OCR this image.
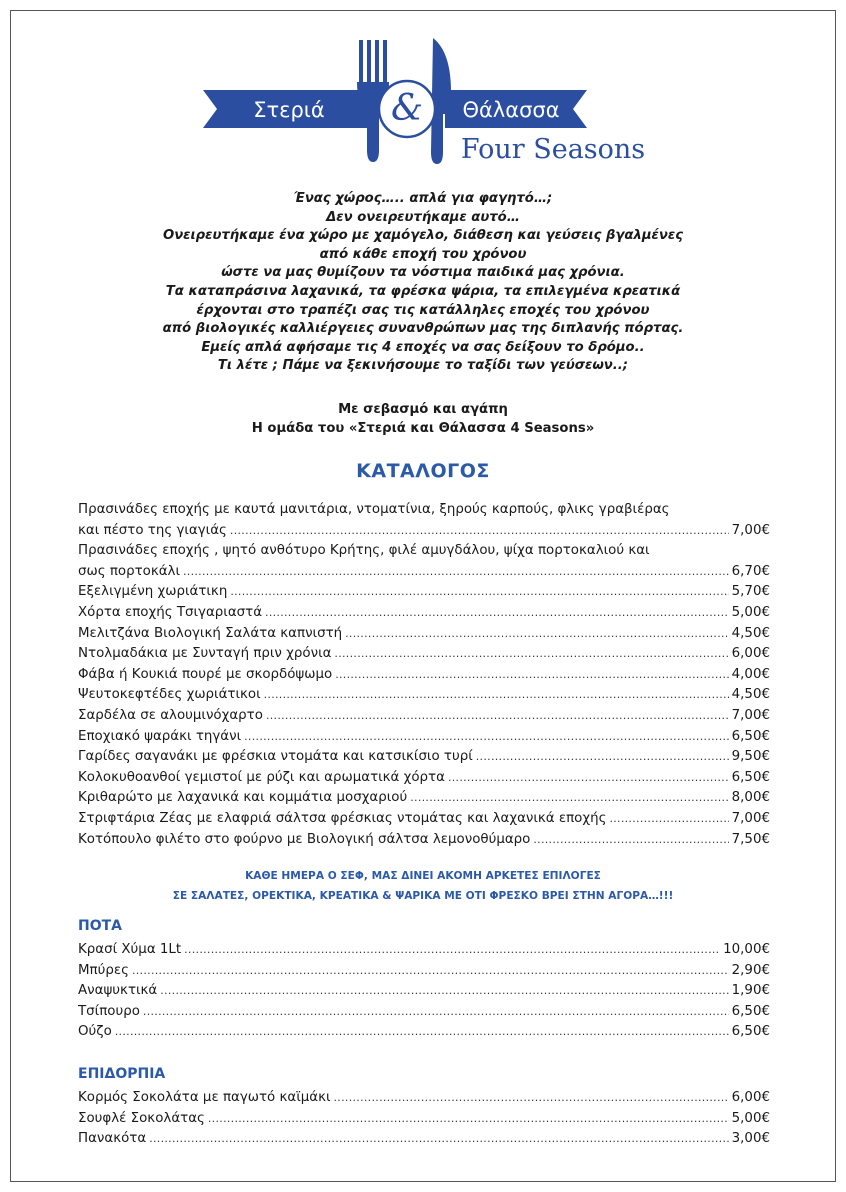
&
Στεριά	Θάλασσα
Four Seasons
Ένας χώρος….. απλά για φαγητό…;
Δεν ονειρευτήκαμε αυτό…
Ονειρευτήκαμε ένα χώρο με χαμόγελο, διάθεση και γεύσεις βγαλμένες
από κάθε εποχή του χρόνου
ώστε να μας θυμίζουν τα νόστιμα παιδικά μας χρόνια.
Τα καταπράσινα λαχανικά, τα φρέσκα ψάρια, τα επιλεγμένα κρεατικά
έρχονται στο τραπέζι σας τις κατάλληλες εποχές του χρόνου
από βιολογικές καλλιέργειες συνανθρώπων μας της διπλανής πόρτας.
Εμείς απλά αφήσαμε τις 4 εποχές να σας δείξουν το δρόμο..
Τι λέτε ; Πάμε να ξεκινήσουμε το ταξίδι των γεύσεων..;
Με σεβασμό και αγάπη
Η ομάδα του «Στεριά και Θάλασσα 4 Seasons»
ΚΑΤΑΛΟΓΟΣ
Πρασινάδες εποχής με καυτά μανιτάρια, ντοματίνια, ξηρούς καρπούς, φλικς γραβιέρας
και πέστο της γιαγιάς .....	7,00€
Πρασινάδες εποχής , ψητό ανθότυρο Κρήτης, φιλέ αμυγδάλου, ψίχα πορτοκαλιού και
σως πορτοκάλι .....	6,70€
Εξελιγμένη χωριάτικη .....	5,70€
Χόρτα εποχής Τσιγαριαστά .....	5,00€
Μελιτζάνα Βιολογική Σαλάτα καπνιστή .....	4,50€
Ντολμαδάκια με Συνταγή πριν χρόνια .....	6,00€
Φάβα ή Κουκιά πουρέ με σκορδόψωμο .....	4,00€
Ψευτοκεφτέδες χωριάτικοι .....	4,50€
Σαρδέλα σε αλουμινόχαρτο .....	7,00€
Εποχιακό ψαράκι τηγάνι .....	6,50€
Γαρίδες σαγανάκι με φρέσκια ντομάτα και κατσικίσιο τυρί .....	9,50€
Κολοκυθοανθοί γεμιστοί με ρύζι και αρωματικά χόρτα .....	6,50€
Κριθαρώτο με λαχανικά και κομμάτια μοσχαριού .....	8,00€
Στριφτάρια Ζέας με ελαφριά σάλτσα φρέσκιας ντομάτας και λαχανικά εποχής .....	7,00€
Κοτόπουλο φιλέτο στο φούρνο με Βιολογική σάλτσα λεμονοθύμαρο .....	7,50€
ΚΑΘΕ ΗΜΕΡΑ Ο ΣΕΦ, ΜΑΣ ΔΙΝΕΙ ΑΚΟΜΗ ΑΡΚΕΤΕΣ ΕΠΙΛΟΓΕΣ
ΣΕ ΣΑΛΑΤΕΣ, ΟΡΕΚΤΙΚΑ, ΚΡΕΑΤΙΚΑ & ΨΑΡΙΚΑ ΜΕ ΟΤΙ ΦΡΕΣΚΟ ΒΡΕΙ ΣΤΗΝ ΑΓΟΡΑ…!!!
ΠΟΤΑ
Κρασί Χύμα 1Lt .....	10,00€
Μπύρες .....	2,90€
Αναψυκτικά .....	1,90€
Τσίπουρο .....	6,50€
Ούζο .....	6,50€
ΕΠΙΔΟΡΠΙΑ
Κορμός Σοκολάτα με παγωτό καϊμάκι .....	6,00€
Σουφλέ Σοκολάτας .....	5,00€
Πανακότα .....	3,00€
